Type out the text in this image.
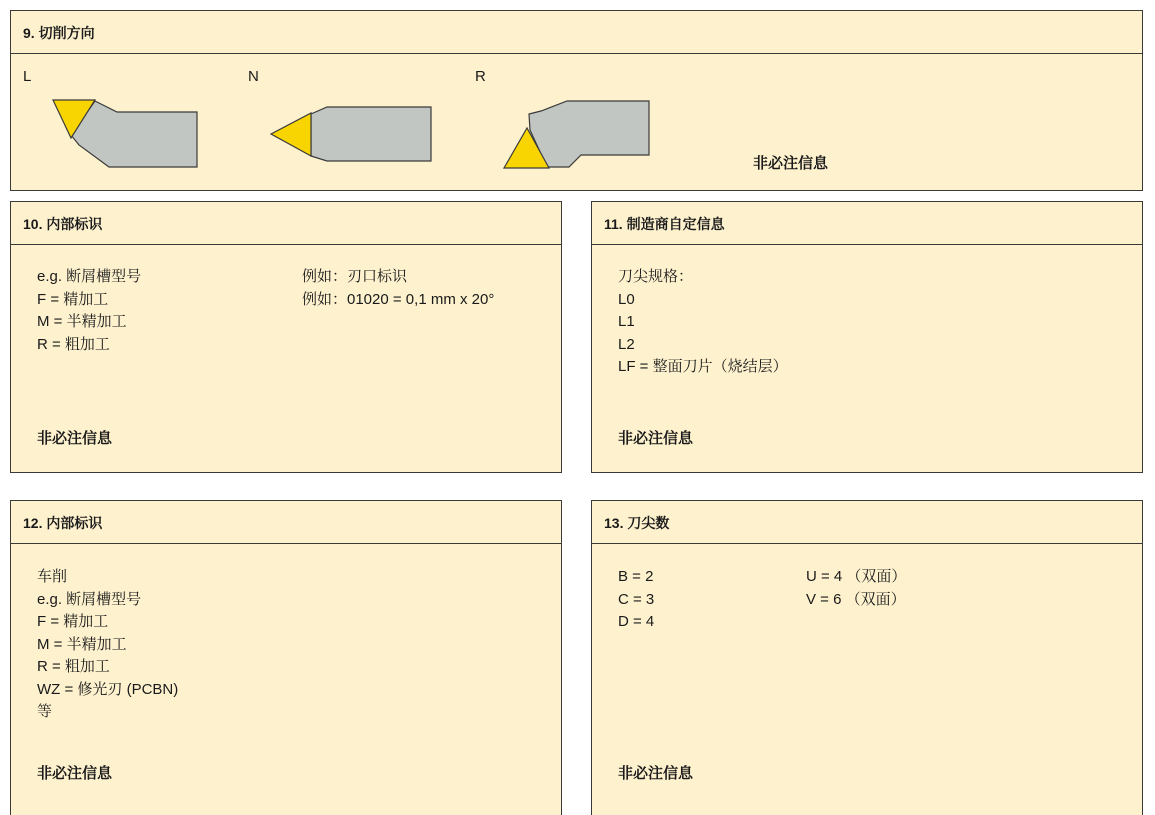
9. 切削方向
L	N	R
非必注信息
10. 内部标识
e.g. 断屑槽型号
F = 精加工
M = 半精加工
R = 粗加工
例如：刃口标识
例如：01020 = 0,1 mm x 20°
非必注信息
11. 制造商自定信息
刀尖规格：
L0
L1
L2
LF = 整面刀片（烧结层）
非必注信息
12. 内部标识
车削
e.g. 断屑槽型号
F = 精加工
M = 半精加工
R = 粗加工
WZ = 修光刃 (PCBN)
等
非必注信息
13. 刀尖数
B = 2
C = 3
D = 4
U = 4 （双面）
V = 6 （双面）
非必注信息
